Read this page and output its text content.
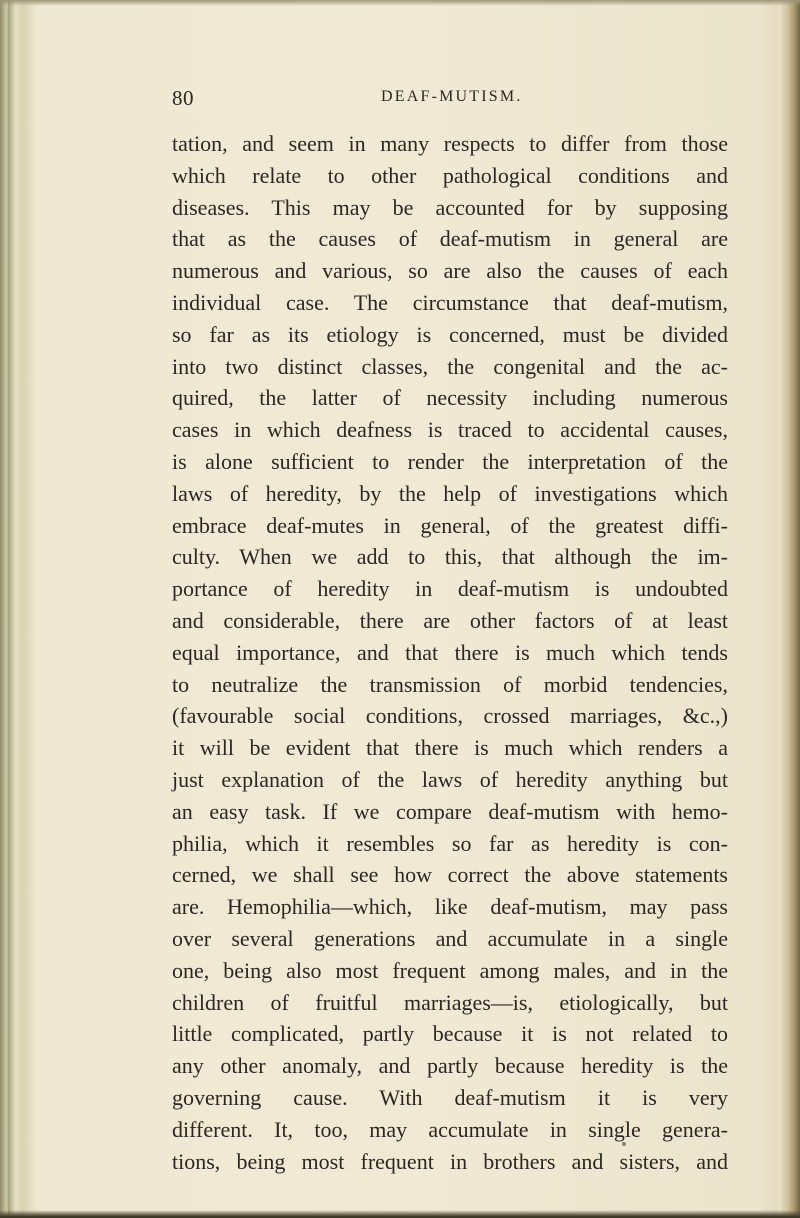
80	DEAF-MUTISM.
tation, and seem in many respects to differ from those
which relate to other pathological conditions and
diseases. This may be accounted for by supposing
that as the causes of deaf-mutism in general are
numerous and various, so are also the causes of each
individual case. The circumstance that deaf-mutism,
so far as its etiology is concerned, must be divided
into two distinct classes, the congenital and the ac-
quired, the latter of necessity including numerous
cases in which deafness is traced to accidental causes,
is alone sufficient to render the interpretation of the
laws of heredity, by the help of investigations which
embrace deaf-mutes in general, of the greatest diffi-
culty. When we add to this, that although the im-
portance of heredity in deaf-mutism is undoubted
and considerable, there are other factors of at least
equal importance, and that there is much which tends
to neutralize the transmission of morbid tendencies,
(favourable social conditions, crossed marriages, &c.,)
it will be evident that there is much which renders a
just explanation of the laws of heredity anything but
an easy task. If we compare deaf-mutism with hemo-
philia, which it resembles so far as heredity is con-
cerned, we shall see how correct the above statements
are. Hemophilia—which, like deaf-mutism, may pass
over several generations and accumulate in a single
one, being also most frequent among males, and in the
children of fruitful marriages—is, etiologically, but
little complicated, partly because it is not related to
any other anomaly, and partly because heredity is the
governing cause. With deaf-mutism it is very
different. It, too, may accumulate in single genera-
tions, being most frequent in brothers and sisters, and
